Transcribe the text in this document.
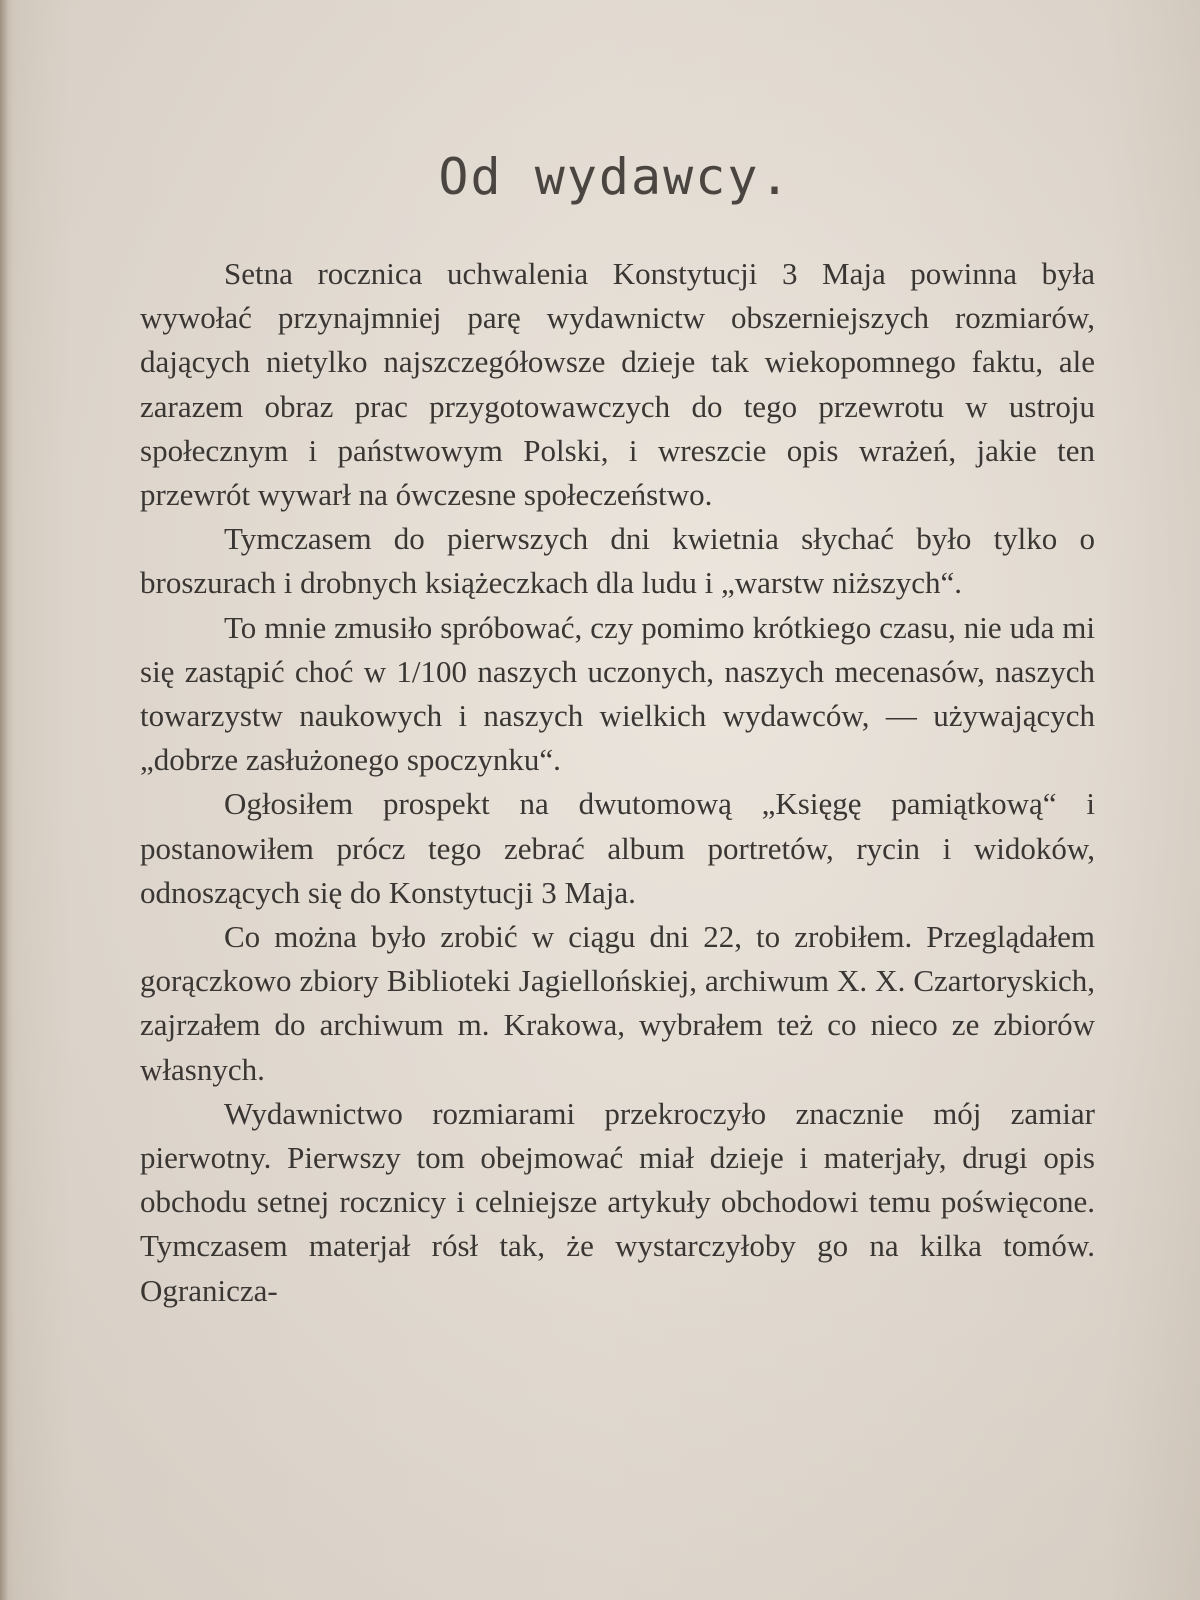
Od wydawcy.

Setna rocznica uchwalenia Konstytucji 3 Maja powinna była wywołać przynajmniej parę wydawnictw obszerniejszych rozmiarów, dających nietylko najszczegółowsze dzieje tak wiekopomnego faktu, ale zarazem obraz prac przygotowawczych do tego przewrotu w ustroju społecznym i państwowym Polski, i wreszcie opis wrażeń, jakie ten przewrót wywarł na ówczesne społeczeństwo.

Tymczasem do pierwszych dni kwietnia słychać było tylko o broszurach i drobnych książeczkach dla ludu i „warstw niższych“.

To mnie zmusiło spróbować, czy pomimo krótkiego czasu, nie uda mi się zastąpić choć w 1/100 naszych uczonych, naszych mecenasów, naszych towarzystw naukowych i naszych wielkich wydawców, — używających „dobrze zasłużonego spoczynku“.

Ogłosiłem prospekt na dwutomową „Księgę pamiątkową“ i postanowiłem prócz tego zebrać album portretów, rycin i widoków, odnoszących się do Konstytucji 3 Maja.

Co można było zrobić w ciągu dni 22, to zrobiłem. Przeglądałem gorączkowo zbiory Biblioteki Jagiellońskiej, archiwum X. X. Czartoryskich, zajrzałem do archiwum m. Krakowa, wybrałem też co nieco ze zbiorów własnych.

Wydawnictwo rozmiarami przekroczyło znacznie mój zamiar pierwotny. Pierwszy tom obejmować miał dzieje i materjały, drugi opis obchodu setnej rocznicy i celniejsze artykuły obchodowi temu poświęcone. Tymczasem materjał rósł tak, że wystarczyłoby go na kilka tomów. Ogranicza-
